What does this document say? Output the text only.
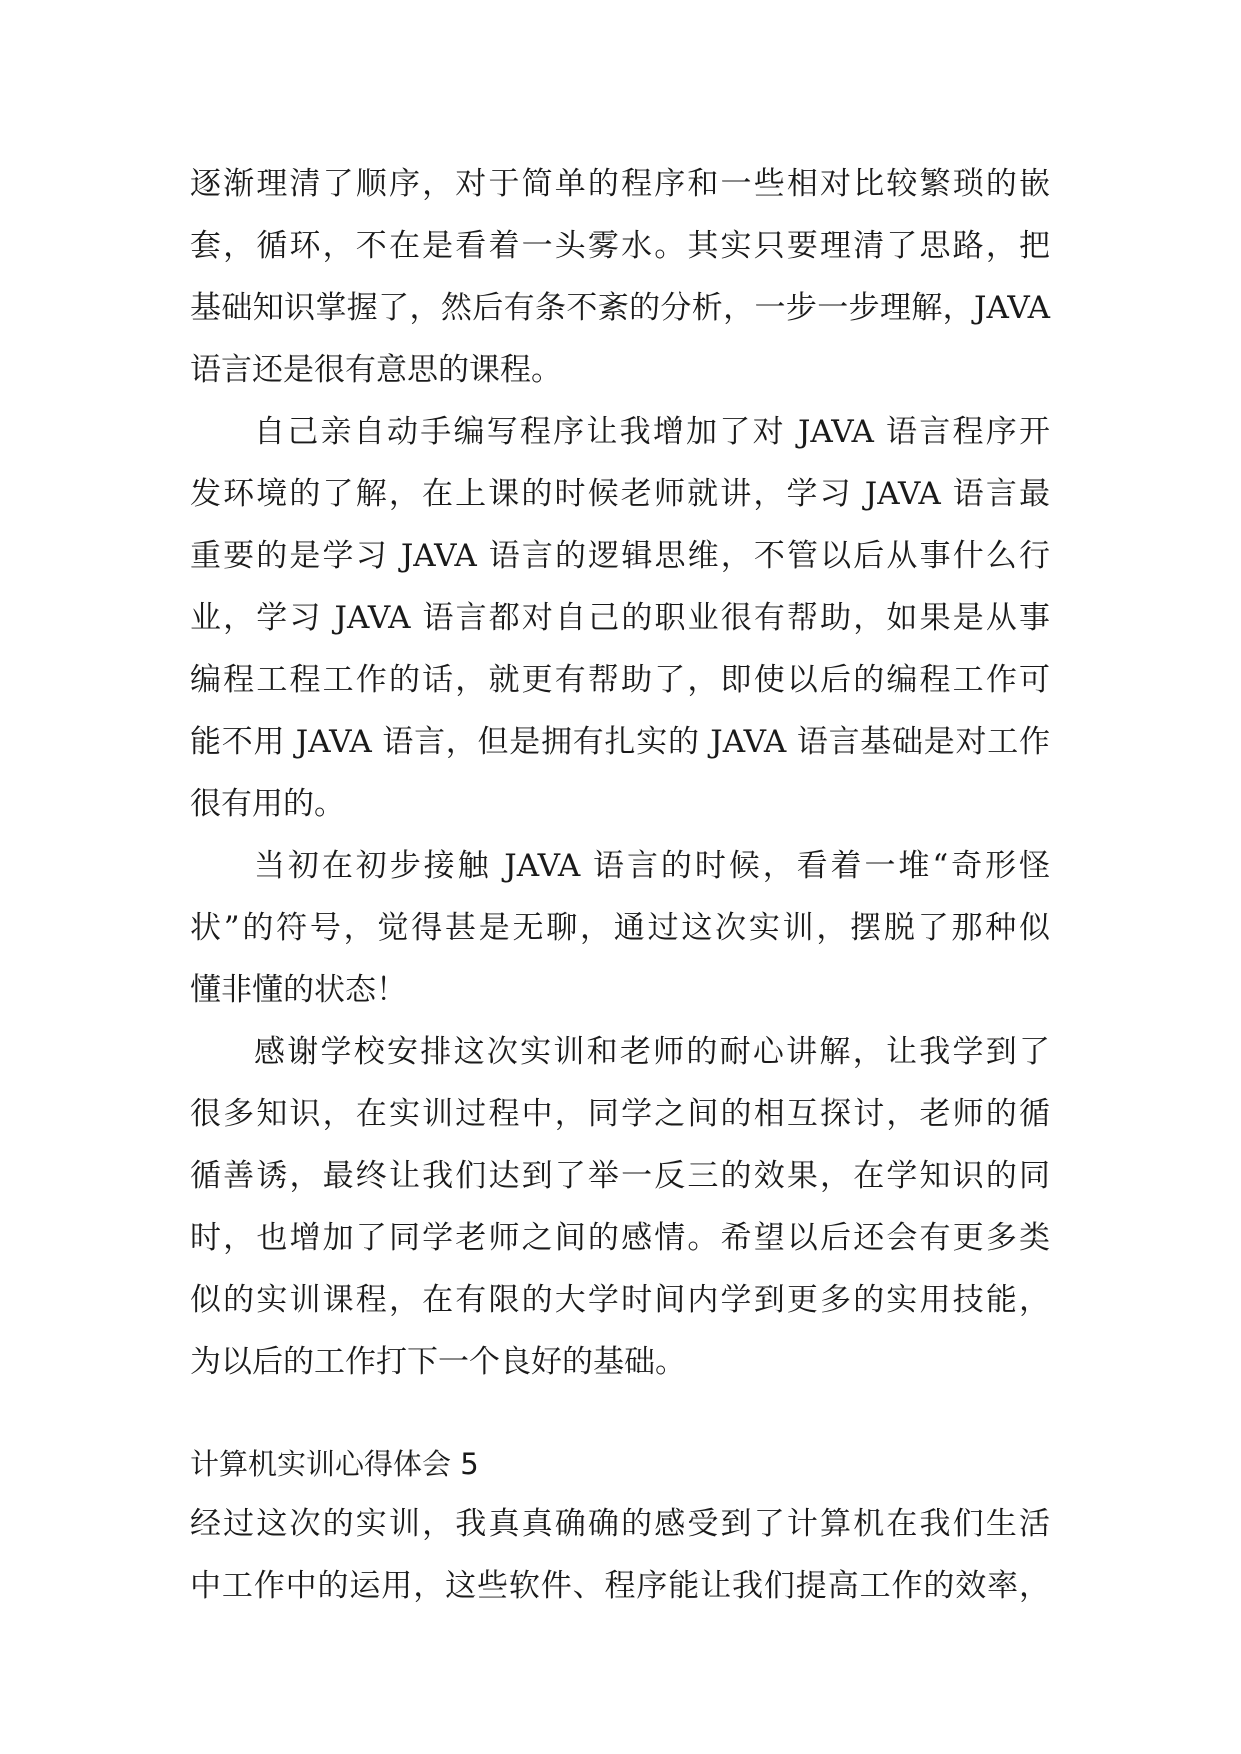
逐渐理清了顺序，对于简单的程序和一些相对比较繁琐的嵌
套，循环，不在是看着一头雾水。其实只要理清了思路，把
基础知识掌握了，然后有条不紊的分析，一步一步理解，JAVA
语言还是很有意思的课程。
自己亲自动手编写程序让我增加了对 JAVA 语言程序开
发环境的了解，在上课的时候老师就讲，学习 JAVA 语言最
重要的是学习 JAVA 语言的逻辑思维，不管以后从事什么行
业，学习 JAVA 语言都对自己的职业很有帮助，如果是从事
编程工程工作的话，就更有帮助了，即使以后的编程工作可
能不用 JAVA 语言，但是拥有扎实的 JAVA 语言基础是对工作
很有用的。
当初在初步接触 JAVA 语言的时候，看着一堆“奇形怪
状”的符号，觉得甚是无聊，通过这次实训，摆脱了那种似
懂非懂的状态！
感谢学校安排这次实训和老师的耐心讲解，让我学到了
很多知识，在实训过程中，同学之间的相互探讨，老师的循
循善诱，最终让我们达到了举一反三的效果，在学知识的同
时，也增加了同学老师之间的感情。希望以后还会有更多类
似的实训课程，在有限的大学时间内学到更多的实用技能，
为以后的工作打下一个良好的基础。
计算机实训心得体会 5
经过这次的实训，我真真确确的感受到了计算机在我们生活
中工作中的运用，这些软件、程序能让我们提高工作的效率，
